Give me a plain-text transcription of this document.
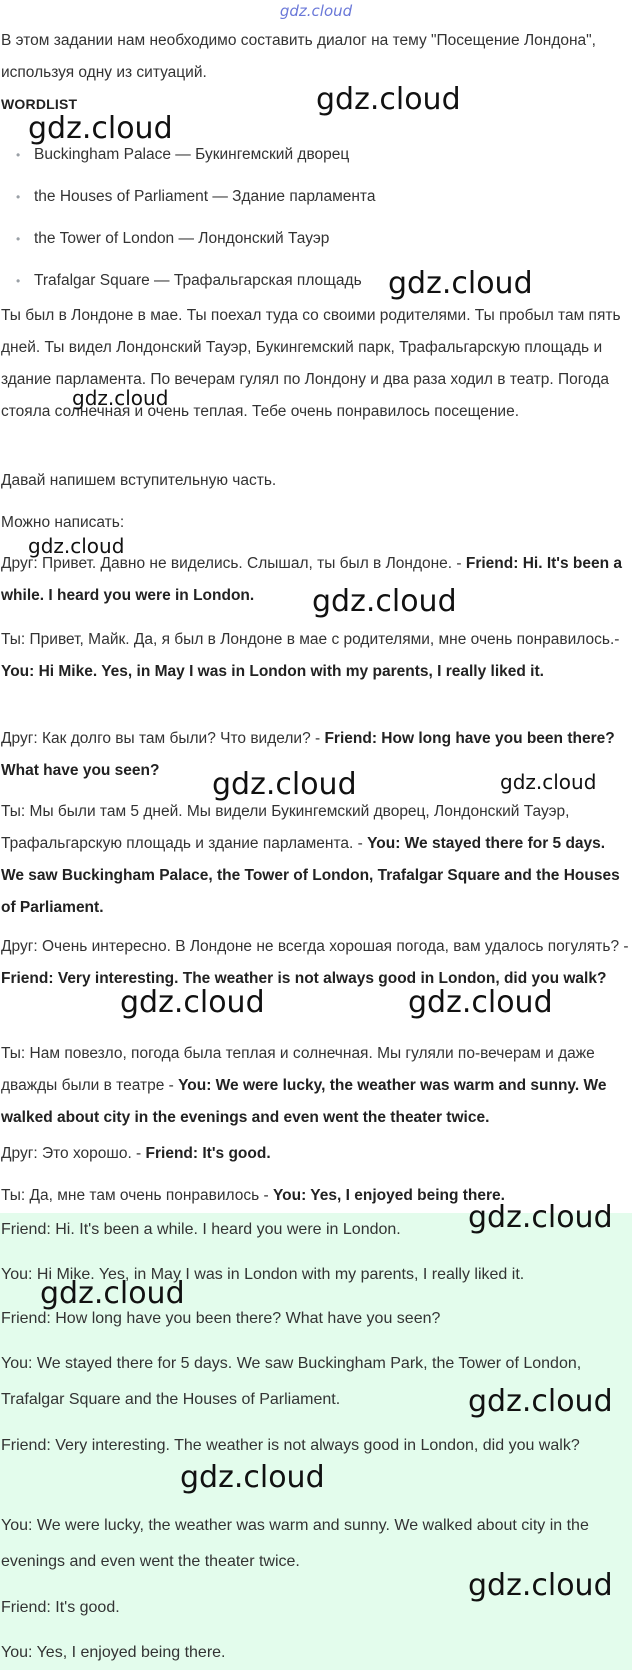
gdz.cloud
В этом задании нам необходимо составить диалог на тему "Посещение Лондона", используя одну из ситуаций.
WORDLIST
• Buckingham Palace — Букингемский дворец
• the Houses of Parliament — Здание парламента
• the Tower of London — Лондонский Тауэр
• Trafalgar Square — Трафальгарская площадь
Ты был в Лондоне в мае. Ты поехал туда со своими родителями. Ты пробыл там пять дней. Ты видел Лондонский Тауэр, Букингемский парк, Трафальгарскую площадь и здание парламента. По вечерам гулял по Лондону и два раза ходил в театр. Погода стояла солнечная и очень теплая. Тебе очень понравилось посещение.
Давай напишем вступительную часть.
Можно написать:
Друг: Привет. Давно не виделись. Слышал, ты был в Лондоне. - Friend: Hi. It's been a while. I heard you were in London.
Ты: Привет, Майк. Да, я был в Лондоне в мае с родителями, мне очень понравилось.- You: Hi Mike. Yes, in May I was in London with my parents, I really liked it.
Друг: Как долго вы там были? Что видели? - Friend: How long have you been there? What have you seen?
Ты: Мы были там 5 дней. Мы видели Букингемский дворец, Лондонский Тауэр, Трафальгарскую площадь и здание парламента. - You: We stayed there for 5 days. We saw Buckingham Palace, the Tower of London, Trafalgar Square and the Houses of Parliament.
Друг: Очень интересно. В Лондоне не всегда хорошая погода, вам удалось погулять? - Friend: Very interesting. The weather is not always good in London, did you walk?
Ты: Нам повезло, погода была теплая и солнечная. Мы гуляли по-вечерам и даже дважды были в театре - You: We were lucky, the weather was warm and sunny. We walked about city in the evenings and even went the theater twice.
Друг: Это хорошо. - Friend: It's good.
Ты: Да, мне там очень понравилось - You: Yes, I enjoyed being there.
Friend: Hi. It's been a while. I heard you were in London.
You: Hi Mike. Yes, in May I was in London with my parents, I really liked it.
Friend: How long have you been there? What have you seen?
You: We stayed there for 5 days. We saw Buckingham Park, the Tower of London, Trafalgar Square and the Houses of Parliament.
Friend: Very interesting. The weather is not always good in London, did you walk?
You: We were lucky, the weather was warm and sunny. We walked about city in the evenings and even went the theater twice.
Friend: It's good.
You: Yes, I enjoyed being there.
gdz.cloud
gdz.cloud
gdz.cloud
gdz.cloud
gdz.cloud
gdz.cloud
gdz.cloud	gdz.cloud
gdz.cloud	gdz.cloud
gdz.cloud
gdz.cloud
gdz.cloud
gdz.cloud
gdz.cloud
